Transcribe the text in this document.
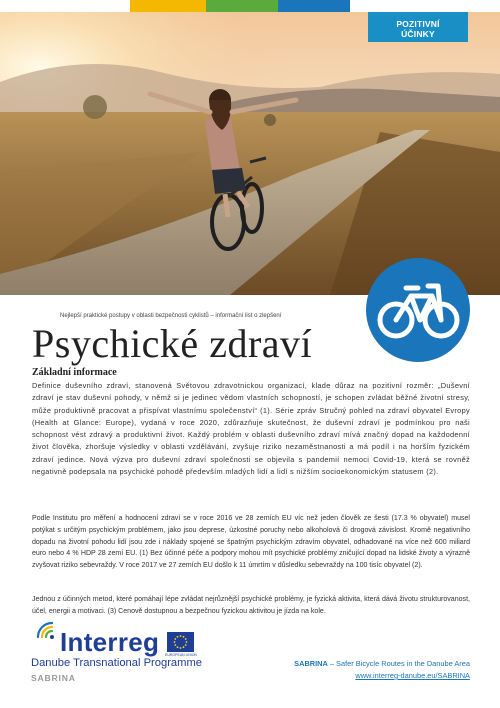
POZITIVNÍ
ÚČINKY
Nejlepší praktické postupy v oblasti bezpečnosti cyklistů – informační list o zlepšení
Psychické zdraví
Základní informace

Definice duševního zdraví, stanovená Světovou zdravotnickou organizací, klade důraz na pozitivní rozměr: „Duševní zdraví je stav duševní pohody, v němž si je jedinec vědom vlastních schopností, je schopen zvládat běžné životní stresy, může produktivně pracovat a přispívat vlastnímu společenství“ (1). Série zpráv Stručný pohled na zdraví obyvatel Evropy (Health at Glance: Europe), vydaná v roce 2020, zdůrazňuje skutečnost, že duševní zdraví je podmínkou pro naši schopnost vést zdravý a produktivní život. Každý problém v oblasti duševního zdraví mívá značný dopad na každodenní život člověka, zhoršuje výsledky v oblasti vzdělávání, zvyšuje riziko nezaměstnanosti a má podíl i na horším fyzickém zdraví jedince. Nová výzva pro duševní zdraví společnosti se objevila s pandemií nemoci Covid-19, která se rovněž negativně podepsala na psychické pohodě především mladých lidí a lidí s nižším socioekonomickým statusem (2).

Podle Institutu pro měření a hodnocení zdraví se v roce 2016 ve 28 zemích EU víc než jeden člověk ze šesti (17.3 % obyvatel) musel potýkat s určitým psychickým problémem, jako jsou deprese, úzkostné poruchy nebo alkoholová či drogová závislost. Kromě negativního dopadu na životní pohodu lidí jsou zde i náklady spojené se špatným psychickým zdravím obyvatel, odhadované na více než 600 miliard euro nebo 4 % HDP 28 zemí EU. (1) Bez účinné péče a podpory mohou mít psychické problémy zničující dopad na lidské životy a výrazně zvyšovat riziko sebevraždy. V roce 2017 ve 27 zemích EU došlo k 11 úmrtím v důsledku sebevraždy na 100 tisíc obyvatel (2).

Jednou z účinných metod, které pomáhají lépe zvládat nejrůznější psychické problémy, je fyzická aktivita, která dává životu strukturovanost, účel, energii a motivaci. (3) Cenově dostupnou a bezpečnou fyzickou aktivitou je jízda na kole.

Interreg	EUROPEAN UNION
Danube Transnational Programme
SABRINA
SABRINA – Safer Bicycle Routes in the Danube Area
www.interreg-danube.eu/SABRINA
